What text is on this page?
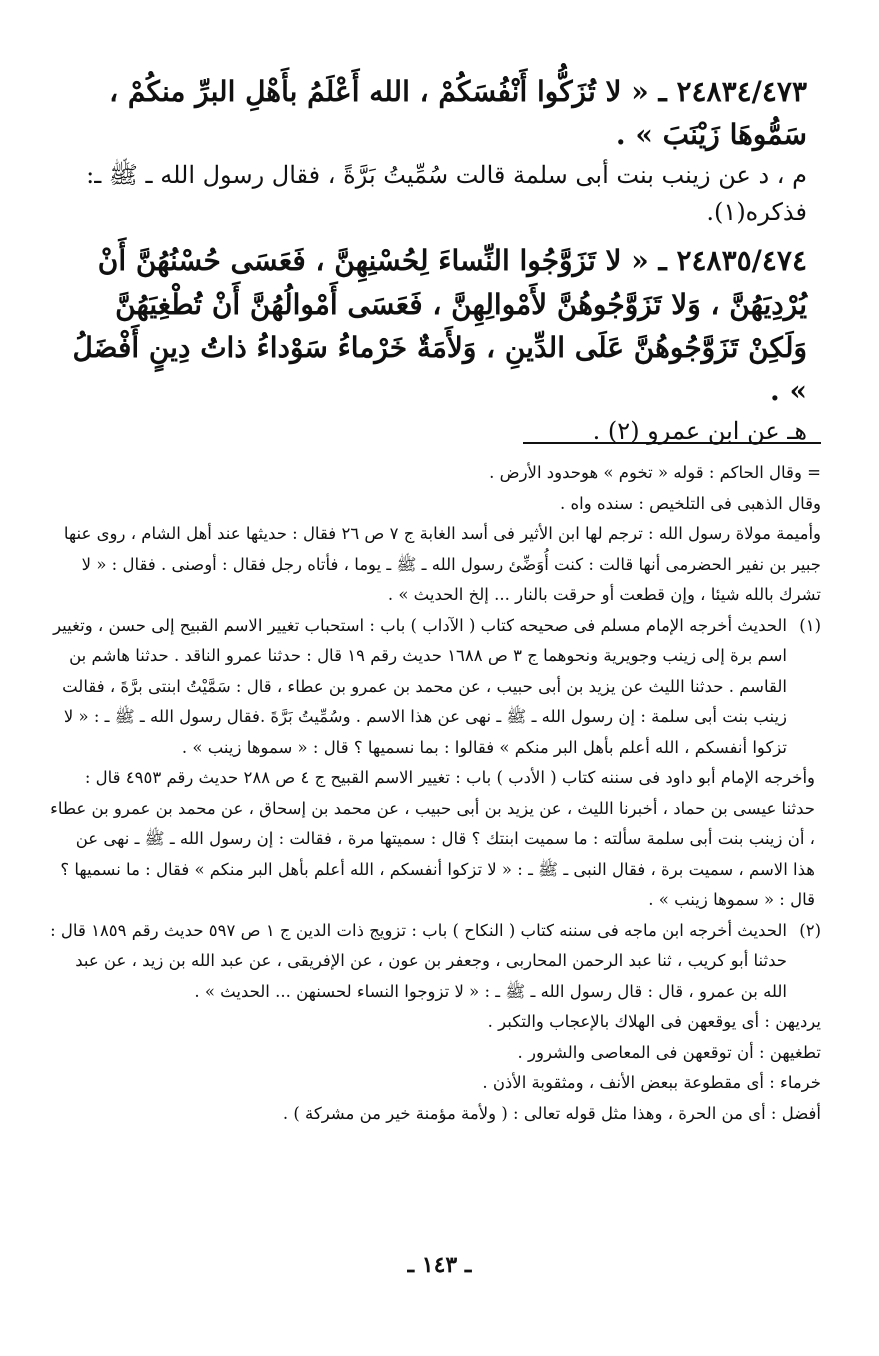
٢٤٨٣٤/٤٧٣ ـ « لا تُزَكُّوا أَنْفُسَكُمْ ، الله أَعْلَمُ بأَهْلِ البرِّ منكُمْ ، سَمُّوهَا زَيْنَبَ » .

م ، د عن زينب بنت أبى سلمة قالت سُمِّيتُ بَرَّةً ، فقال رسول الله ـ ﷺ ـ: فذكره(١).

٢٤٨٣٥/٤٧٤ ـ « لا تَزَوَّجُوا النِّساءَ لِحُسْنِهِنَّ ، فَعَسَى حُسْنُهُنَّ أَنْ يُرْدِيَهُنَّ ، وَلا تَزَوَّجُوهُنَّ لأَمْوالِهِنَّ ، فَعَسَى أَمْوالُهُنَّ أَنْ تُطْغِيَهُنَّ وَلَكِنْ تَزَوَّجُوهُنَّ عَلَى الدِّينِ ، وَلأَمَةٌ خَرْماءُ سَوْداءُ ذاتُ دِينٍ أَفْضَلُ » .

هـ عن ابن عمرو (٢) .

= وقال الحاكم : قوله « تخوم » هوحدود الأرض .

وقال الذهبى فى التلخيص : سنده واه .

وأميمة مولاة رسول الله : ترجم لها ابن الأثير فى أسد الغابة ج ٧ ص ٢٦ فقال : حديثها عند أهل الشام ، روى عنها جبير بن نفير الحضرمى أنها قالت : كنت أُوَضِّئ رسول الله ـ ﷺ ـ يوما ، فأتاه رجل فقال : أوصنى . فقال : « لا تشرك بالله شيئا ، وإن قطعت أو حرقت بالنار ... إلخ الحديث » .

(١)
الحديث أخرجه الإمام مسلم فى صحيحه كتاب ( الآداب ) باب : استحباب تغيير الاسم القبيح إلى حسن ، وتغيير اسم برة إلى زينب وجويرية ونحوهما ج ٣ ص ١٦٨٨ حديث رقم ١٩ قال : حدثنا عمرو الناقد . حدثنا هاشم بن القاسم . حدثنا الليث عن يزيد بن أبى حبيب ، عن محمد بن عمرو بن عطاء ، قال : سَمَّيْتُ ابنتى برَّةَ ، فقالت زينب بنت أبى سلمة : إن رسول الله ـ ﷺ ـ نهى عن هذا الاسم . وسُمِّيتُ بَرَّةَ .فقال رسول الله ـ ﷺ ـ : « لا تزكوا أنفسكم ، الله أعلم بأهل البر منكم » فقالوا : بما نسميها ؟ قال : « سموها زينب » .

وأخرجه الإمام أبو داود فى سننه كتاب ( الأدب ) باب : تغيير الاسم القبيح ج ٤ ص ٢٨٨ حديث رقم ٤٩٥٣ قال : حدثنا عيسى بن حماد ، أخبرنا الليث ، عن يزيد بن أبى حبيب ، عن محمد بن إسحاق ، عن محمد بن عمرو بن عطاء ، أن زينب بنت أبى سلمة سألته : ما سميت ابنتك ؟ قال : سميتها مرة ، فقالت : إن رسول الله ـ ﷺ ـ نهى عن هذا الاسم ، سميت برة ، فقال النبى ـ ﷺ ـ : « لا تزكوا أنفسكم ، الله أعلم بأهل البر منكم » فقال : ما نسميها ؟ قال : « سموها زينب » .

(٢)
الحديث أخرجه ابن ماجه فى سننه كتاب ( النكاح ) باب : تزويج ذات الدين ج ١ ص ٥٩٧ حديث رقم ١٨٥٩ قال : حدثنا أبو كريب ، ثنا عبد الرحمن المحاربى ، وجعفر بن عون ، عن الإفريقى ، عن عبد الله بن زيد ، عن عبد الله بن عمرو ، قال : قال رسول الله ـ ﷺ ـ : « لا تزوجوا النساء لحسنهن ... الحديث » .

يرديهن : أى يوقعهن فى الهلاك بالإعجاب والتكبر .

تطغيهن : أن توقعهن فى المعاصى والشرور .

خرماء : أى مقطوعة ببعض الأنف ، ومثقوبة الأذن .

أفضل : أى من الحرة ، وهذا مثل قوله تعالى : ( ولأمة مؤمنة خير من مشركة ) .

ـ ١٤٣ ـ
